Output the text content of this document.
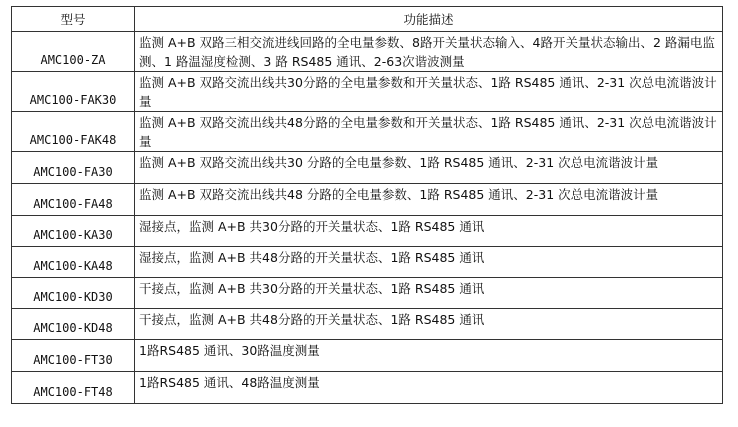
型号	功能描述
AMC100-ZA	监测 A+B 双路三相交流进线回路的全电量参数、8路开关量状态输入、4路开关量状态输出、2 路漏电监测、1 路温湿度检测、3 路 RS485 通讯、2-63次谐波测量
AMC100-FAK30	监测 A+B 双路交流出线共30分路的全电量参数和开关量状态、1路 RS485 通讯、2-31 次总电流谐波计量
AMC100-FAK48	监测 A+B 双路交流出线共48分路的全电量参数和开关量状态、1路 RS485 通讯、2-31 次总电流谐波计量
AMC100-FA30	监测 A+B 双路交流出线共30 分路的全电量参数、1路 RS485 通讯、2-31 次总电流谐波计量
AMC100-FA48	监测 A+B 双路交流出线共48 分路的全电量参数、1路 RS485 通讯、2-31 次总电流谐波计量
AMC100-KA30	湿接点，监测 A+B 共30分路的开关量状态、1路 RS485 通讯
AMC100-KA48	湿接点，监测 A+B 共48分路的开关量状态、1路 RS485 通讯
AMC100-KD30	干接点，监测 A+B 共30分路的开关量状态、1路 RS485 通讯
AMC100-KD48	干接点，监测 A+B 共48分路的开关量状态、1路 RS485 通讯
AMC100-FT30	1路RS485 通讯、30路温度测量
AMC100-FT48	1路RS485 通讯、48路温度测量
